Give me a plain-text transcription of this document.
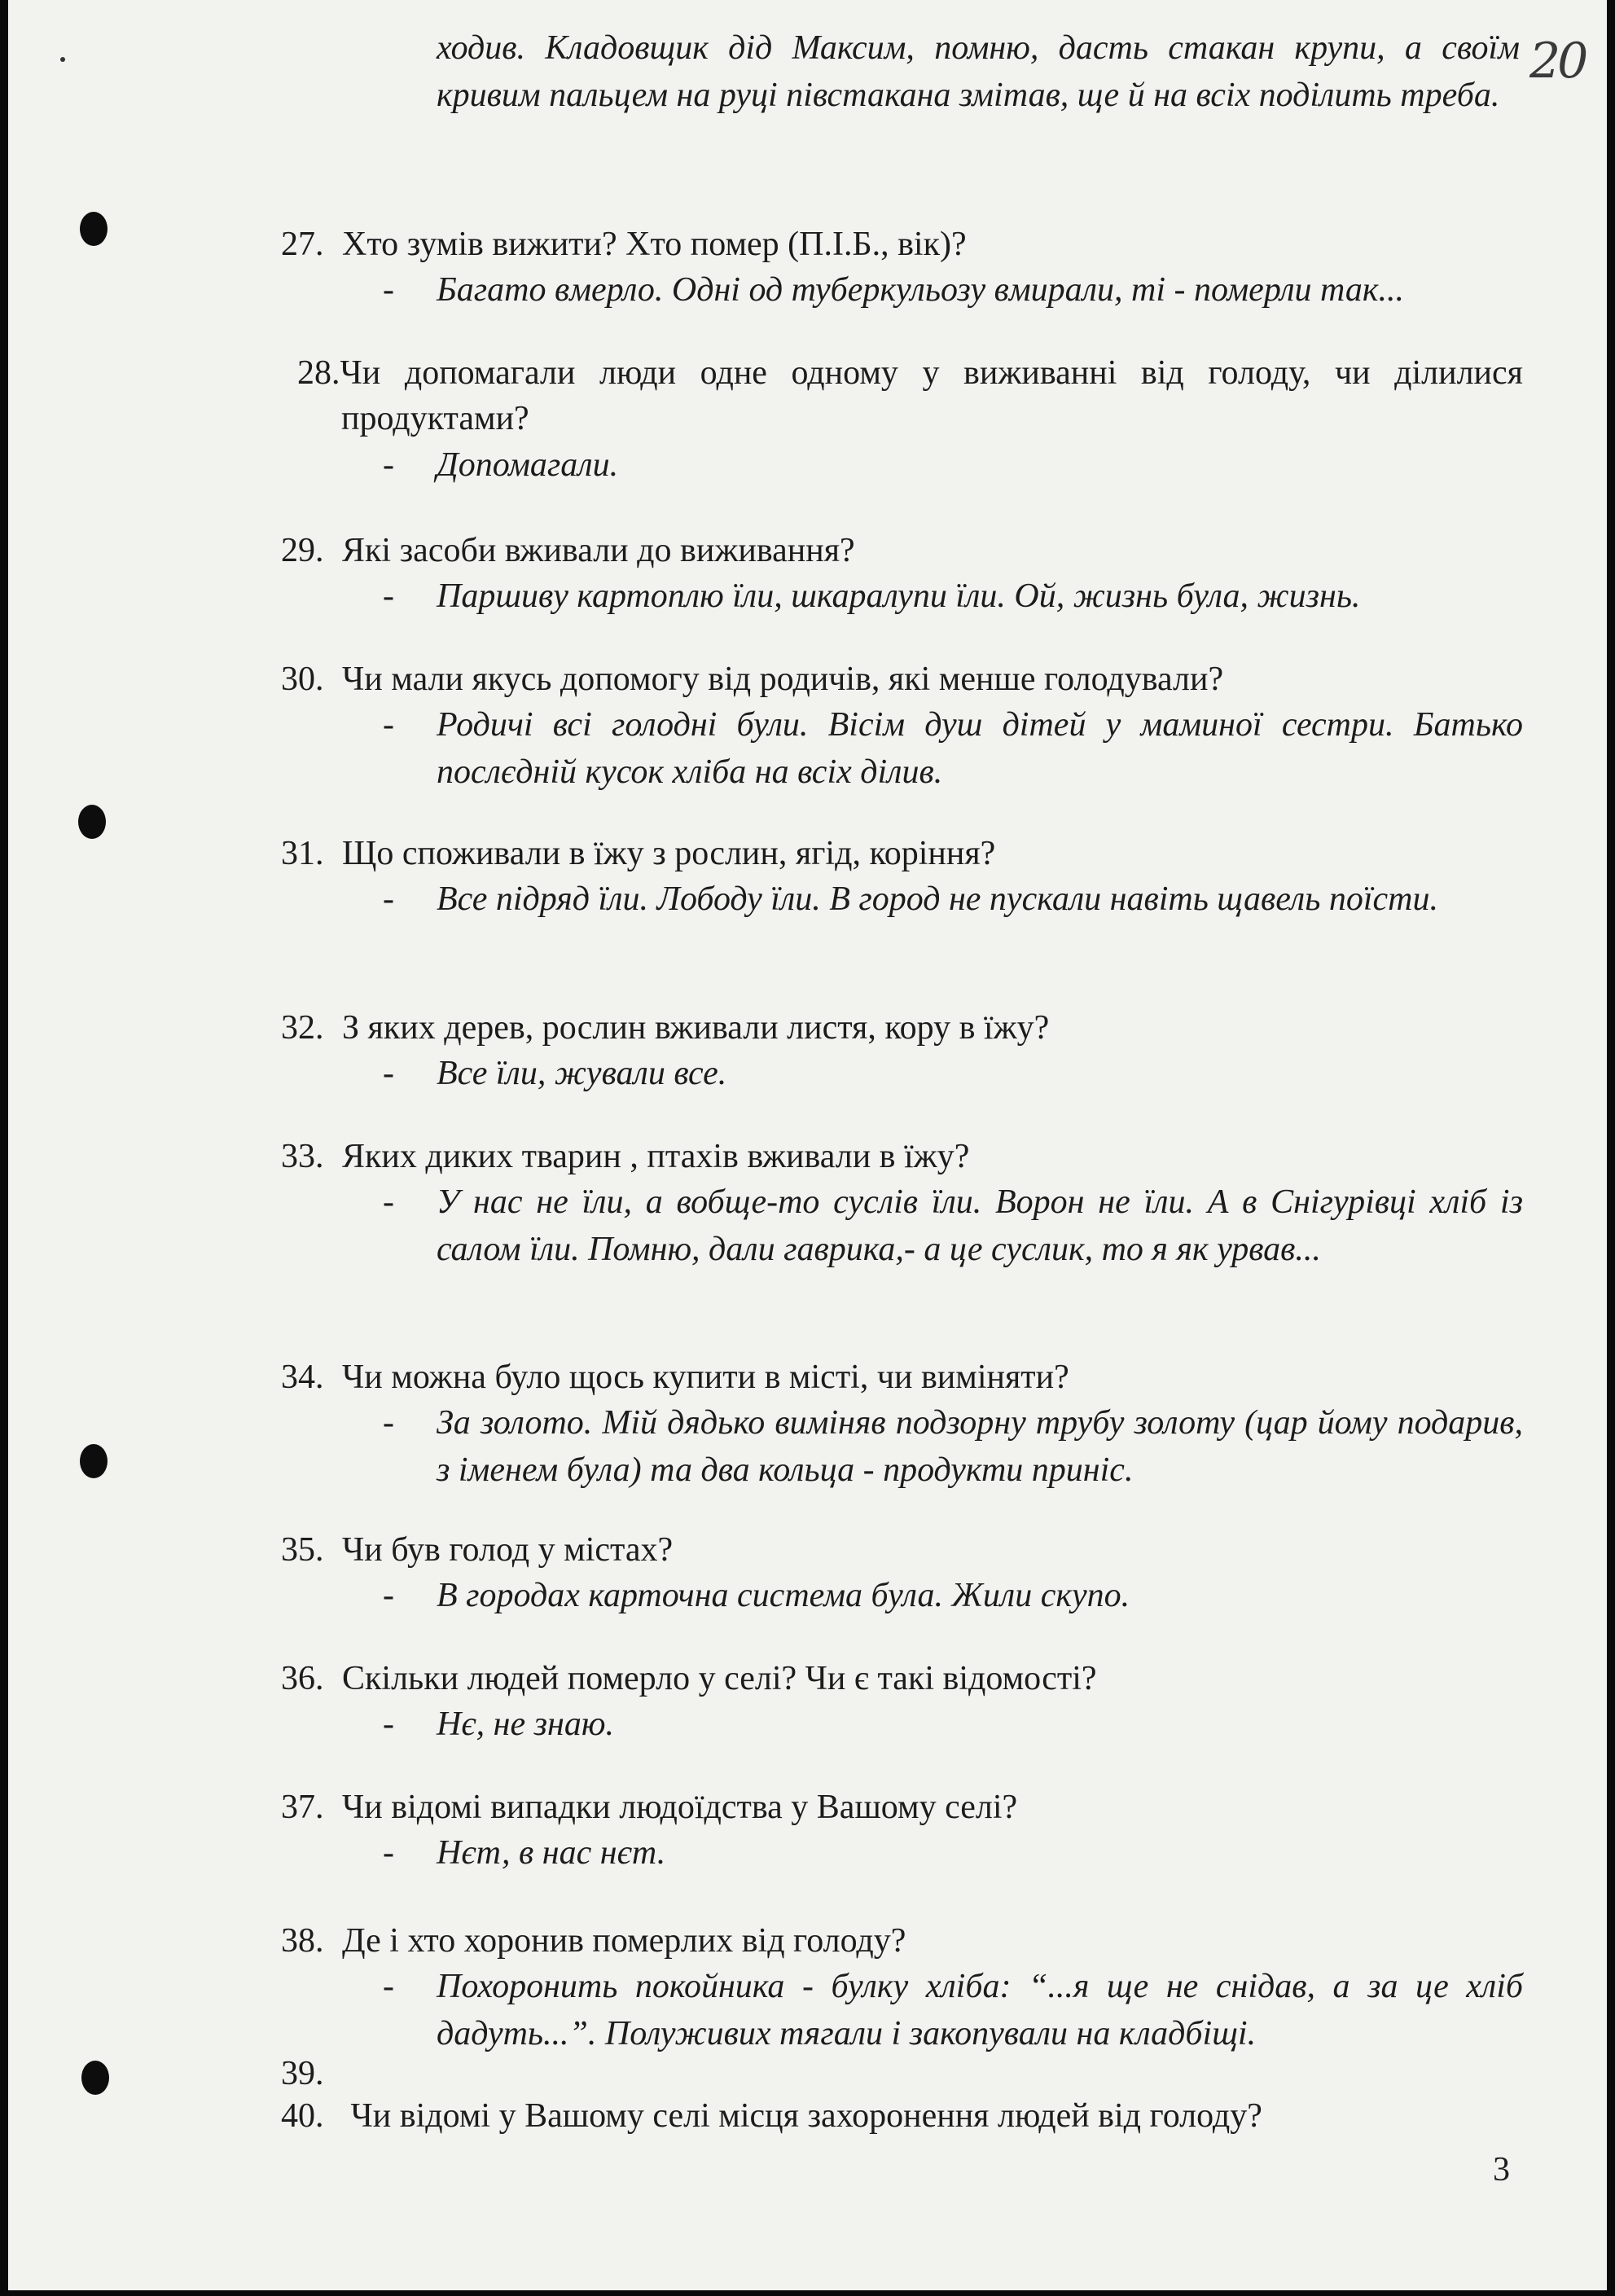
20
ходив. Кладовщик дід Максим, помню, дасть стакан крупи, а своїм кривим пальцем на руці півстакана змітав, ще й на всіх поділить треба.
27. Хто зумів вижити? Хто помер (П.І.Б., вік)?
- Багато вмерло. Одні од туберкульозу вмирали, ті - померли так...
28.Чи допомагали люди одне одному у виживанні від голоду, чи ділилися
продуктами?
- Допомагали.
29. Які засоби вживали до виживання?
- Паршиву картоплю їли, шкаралупи їли. Ой, жизнь була, жизнь.
30. Чи мали якусь допомогу від родичів, які менше голодували?
- Родичі всі голодні були. Вісім душ дітей у маминої сестри. Батько послєдній кусок хліба на всіх ділив.
31. Що споживали в їжу з рослин, ягід, коріння?
- Все підряд їли. Лободу їли. В город не пускали навіть щавель поїсти.
32. З яких дерев, рослин вживали листя, кору в їжу?
- Все їли, жували все.
33. Яких диких тварин , птахів вживали в їжу?
- У нас не їли, а вобще-то суслів їли. Ворон не їли. А в Снігурівці хліб із салом їли. Помню, дали гаврика,- а це суслик, то я як урвав...
34. Чи можна було щось купити в місті, чи виміняти?
- За золото. Мій дядько виміняв подзорну трубу золоту (цар йому подарив, з іменем була) та два кольца - продукти приніс.
35. Чи був голод у містах?
- В городах карточна система була. Жили скупо.
36. Скільки людей померло у селі? Чи є такі відомості?
- Нє, не знаю.
37. Чи відомі випадки людоїдства у Вашому селі?
- Нєт, в нас нєт.
38. Де і хто хоронив померлих від голоду?
- Похоронить покойника - булку хліба: “...я ще не снідав, а за це хліб дадуть...”. Полуживих тягали і закопували на кладбіщі.
39.
40. Чи відомі у Вашому селі місця захоронення людей від голоду?
3
